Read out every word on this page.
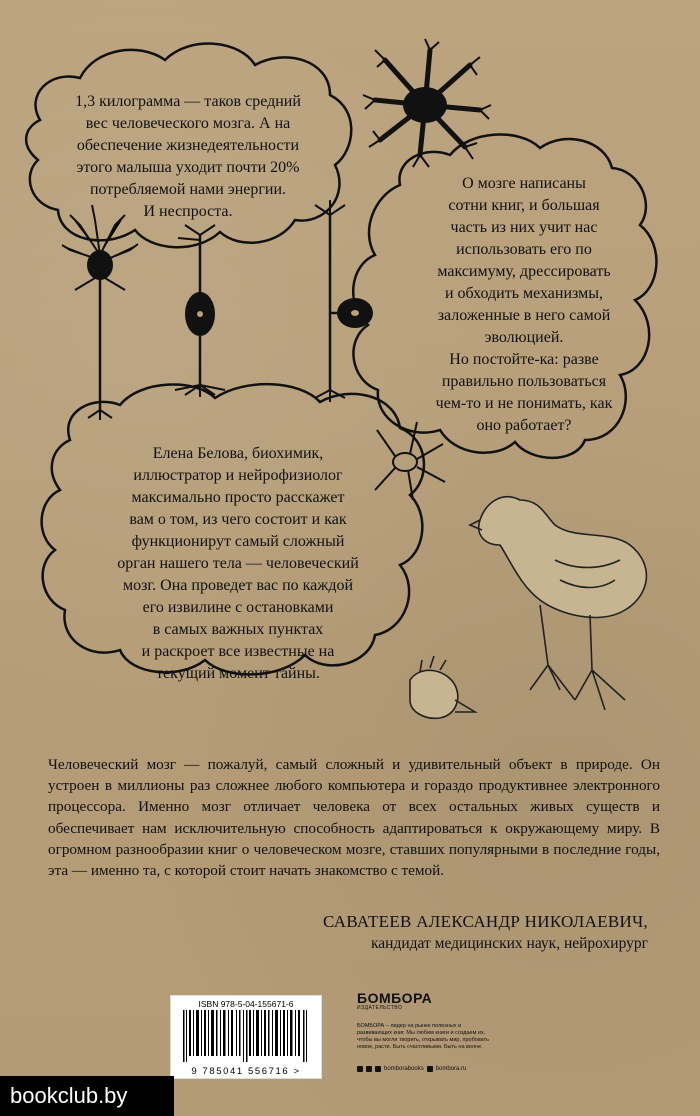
1,3 килограмма — таков средний
вес человеческого мозга. А на
обеспечение жизнедеятельности
этого малыша уходит почти 20%
потребляемой нами энергии.
И неспроста.
О мозге написаны
сотни книг, и большая
часть из них учит нас
использовать его по
максимуму, дрессировать
и обходить механизмы,
заложенные в него самой
эволюцией.
Но постойте-ка: разве
правильно пользоваться
чем-то и не понимать, как
оно работает?
Елена Белова, биохимик,
иллюстратор и нейрофизиолог
максимально просто расскажет
вам о том, из чего состоит и как
функционирут самый сложный
орган нашего тела — человеческий
мозг. Она проведет вас по каждой
его извилине с остановками
в самых важных пунктах
и раскроет все известные на
текущий момент тайны.
Человеческий мозг — пожалуй, самый сложный и удивительный объект в природе. Он устроен в миллионы раз сложнее любого компьютера и гораздо продуктивнее электронного процессора. Именно мозг отличает человека от всех остальных живых существ и обеспечивает нам исключительную способность адаптироваться к окружающему миру. В огромном разнообразии книг о человеческом мозге, ставших популярными в последние годы, эта — именно та, с которой стоит начать знакомство с темой.
САВАТЕЕВ АЛЕКСАНДР НИКОЛАЕВИЧ,
кандидат медицинских наук, нейрохирург
ISBN 978-5-04-155671-6
9 785041 556716 >
БОМБОРА
ИЗДАТЕЛЬСТВО
БОМБОРА – лидер на рынке полезных и развивающих книг. Мы любим книги и создаем их, чтобы вы могли творить, открывать мир, пробовать новое, расти. Быть счастливыми. Быть на волне.
bomborabooks bombora.ru
bookclub.by
